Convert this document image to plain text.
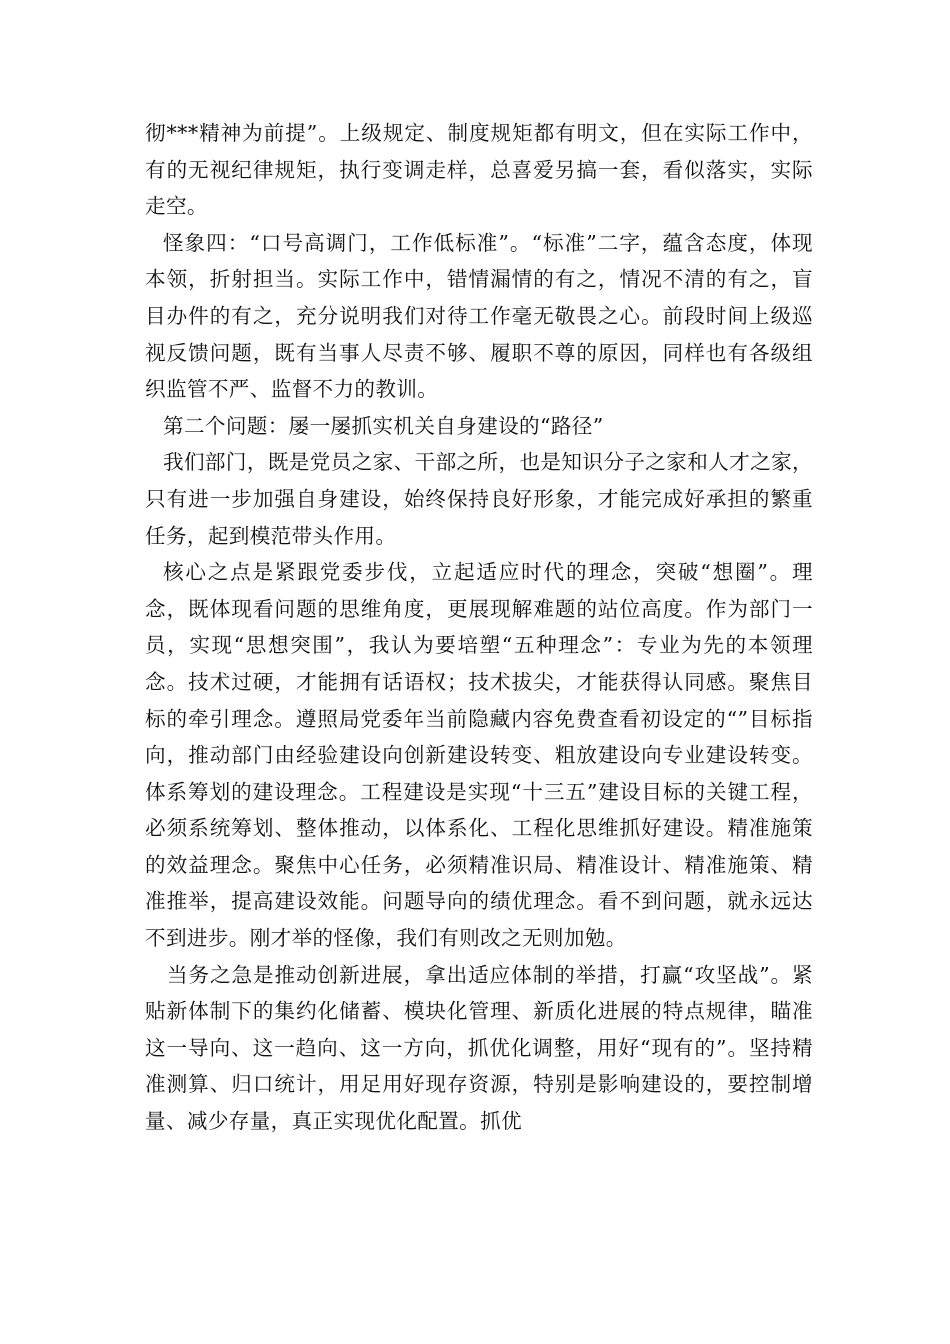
彻***精神为前提”。上级规定、制度规矩都有明文，但在实际工作中，有的无视纪律规矩，执行变调走样，总喜爱另搞一套，看似落实，实际走空。

怪象四：“口号高调门，工作低标准”。“标准”二字，蕴含态度，体现本领，折射担当。实际工作中，错情漏情的有之，情况不清的有之，盲目办件的有之，充分说明我们对待工作毫无敬畏之心。前段时间上级巡视反馈问题，既有当事人尽责不够、履职不尊的原因，同样也有各级组织监管不严、监督不力的教训。

第二个问题：屡一屡抓实机关自身建设的“路径”

我们部门，既是党员之家、干部之所，也是知识分子之家和人才之家，只有进一步加强自身建设，始终保持良好形象，才能完成好承担的繁重任务，起到模范带头作用。

核心之点是紧跟党委步伐，立起适应时代的理念，突破“想圈”。理念，既体现看问题的思维角度，更展现解难题的站位高度。作为部门一员，实现“思想突围”，我认为要培塑“五种理念”：专业为先的本领理念。技术过硬，才能拥有话语权；技术拔尖，才能获得认同感。聚焦目标的牵引理念。遵照局党委年当前隐藏内容免费查看初设定的“”目标指向，推动部门由经验建设向创新建设转变、粗放建设向专业建设转变。体系筹划的建设理念。工程建设是实现“十三五”建设目标的关键工程，必须系统筹划、整体推动，以体系化、工程化思维抓好建设。精准施策的效益理念。聚焦中心任务，必须精准识局、精准设计、精准施策、精准推举，提高建设效能。问题导向的绩优理念。看不到问题，就永远达不到进步。刚才举的怪像，我们有则改之无则加勉。

当务之急是推动创新进展，拿出适应体制的举措，打赢“攻坚战”。紧贴新体制下的集约化储蓄、模块化管理、新质化进展的特点规律，瞄准这一导向、这一趋向、这一方向，抓优化调整，用好“现有的”。坚持精准测算、归口统计，用足用好现存资源，特别是影响建设的，要控制增量、减少存量，真正实现优化配置。抓优
